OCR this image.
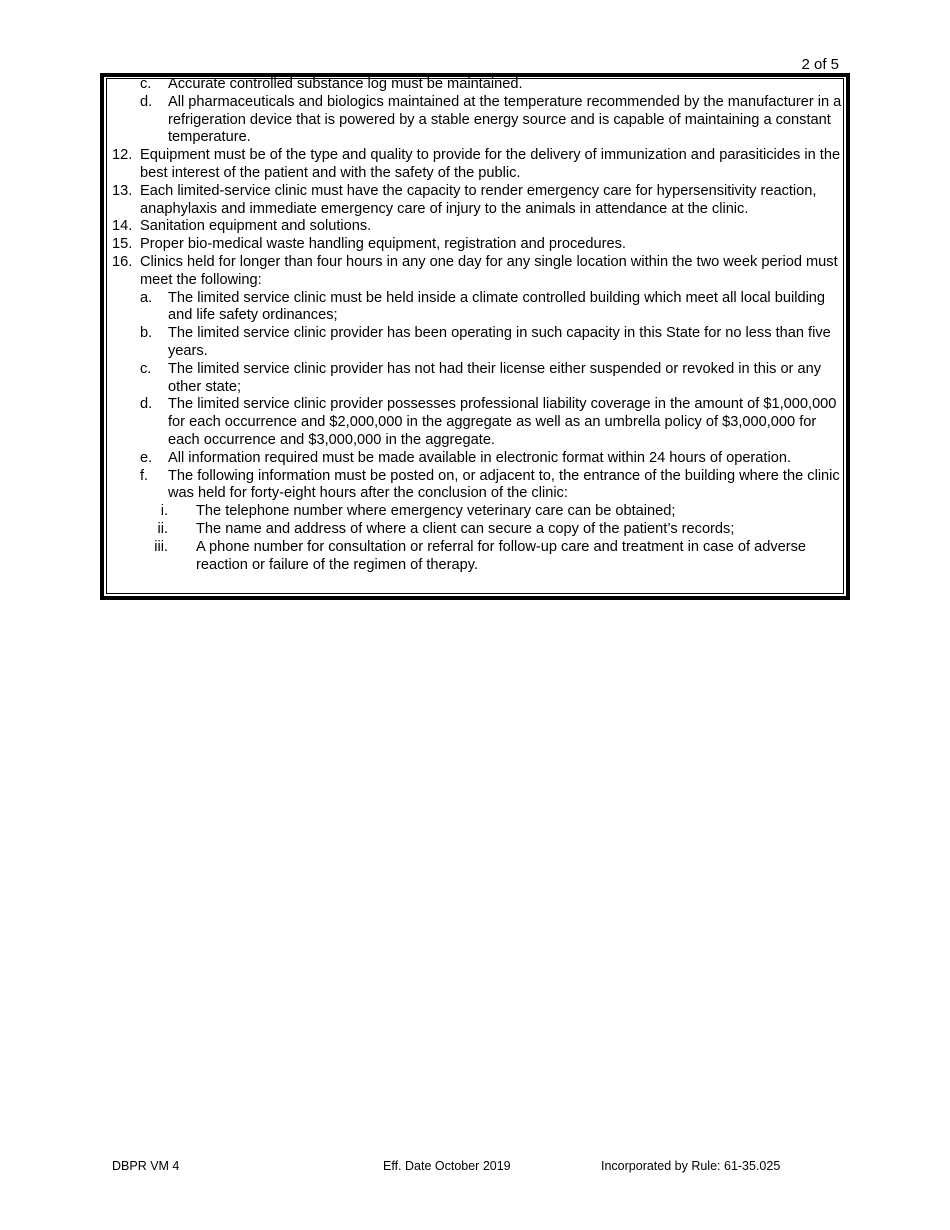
2 of 5
c. Accurate controlled substance log must be maintained.
d. All pharmaceuticals and biologics maintained at the temperature recommended by the manufacturer in a refrigeration device that is powered by a stable energy source and is capable of maintaining a constant temperature.
12. Equipment must be of the type and quality to provide for the delivery of immunization and parasiticides in the best interest of the patient and with the safety of the public.
13. Each limited-service clinic must have the capacity to render emergency care for hypersensitivity reaction, anaphylaxis and immediate emergency care of injury to the animals in attendance at the clinic.
14. Sanitation equipment and solutions.
15. Proper bio-medical waste handling equipment, registration and procedures.
16. Clinics held for longer than four hours in any one day for any single location within the two week period must meet the following:
a. The limited service clinic must be held inside a climate controlled building which meet all local building and life safety ordinances;
b. The limited service clinic provider has been operating in such capacity in this State for no less than five years.
c. The limited service clinic provider has not had their license either suspended or revoked in this or any other state;
d. The limited service clinic provider possesses professional liability coverage in the amount of $1,000,000 for each occurrence and $2,000,000 in the aggregate as well as an umbrella policy of $3,000,000 for each occurrence and $3,000,000 in the aggregate.
e. All information required must be made available in electronic format within 24 hours of operation.
f. The following information must be posted on, or adjacent to, the entrance of the building where the clinic was held for forty-eight hours after the conclusion of the clinic:
i. The telephone number where emergency veterinary care can be obtained;
ii. The name and address of where a client can secure a copy of the patient’s records;
iii. A phone number for consultation or referral for follow-up care and treatment in case of adverse reaction or failure of the regimen of therapy.
DBPR VM 4	Eff. Date October 2019	Incorporated by Rule: 61-35.025
